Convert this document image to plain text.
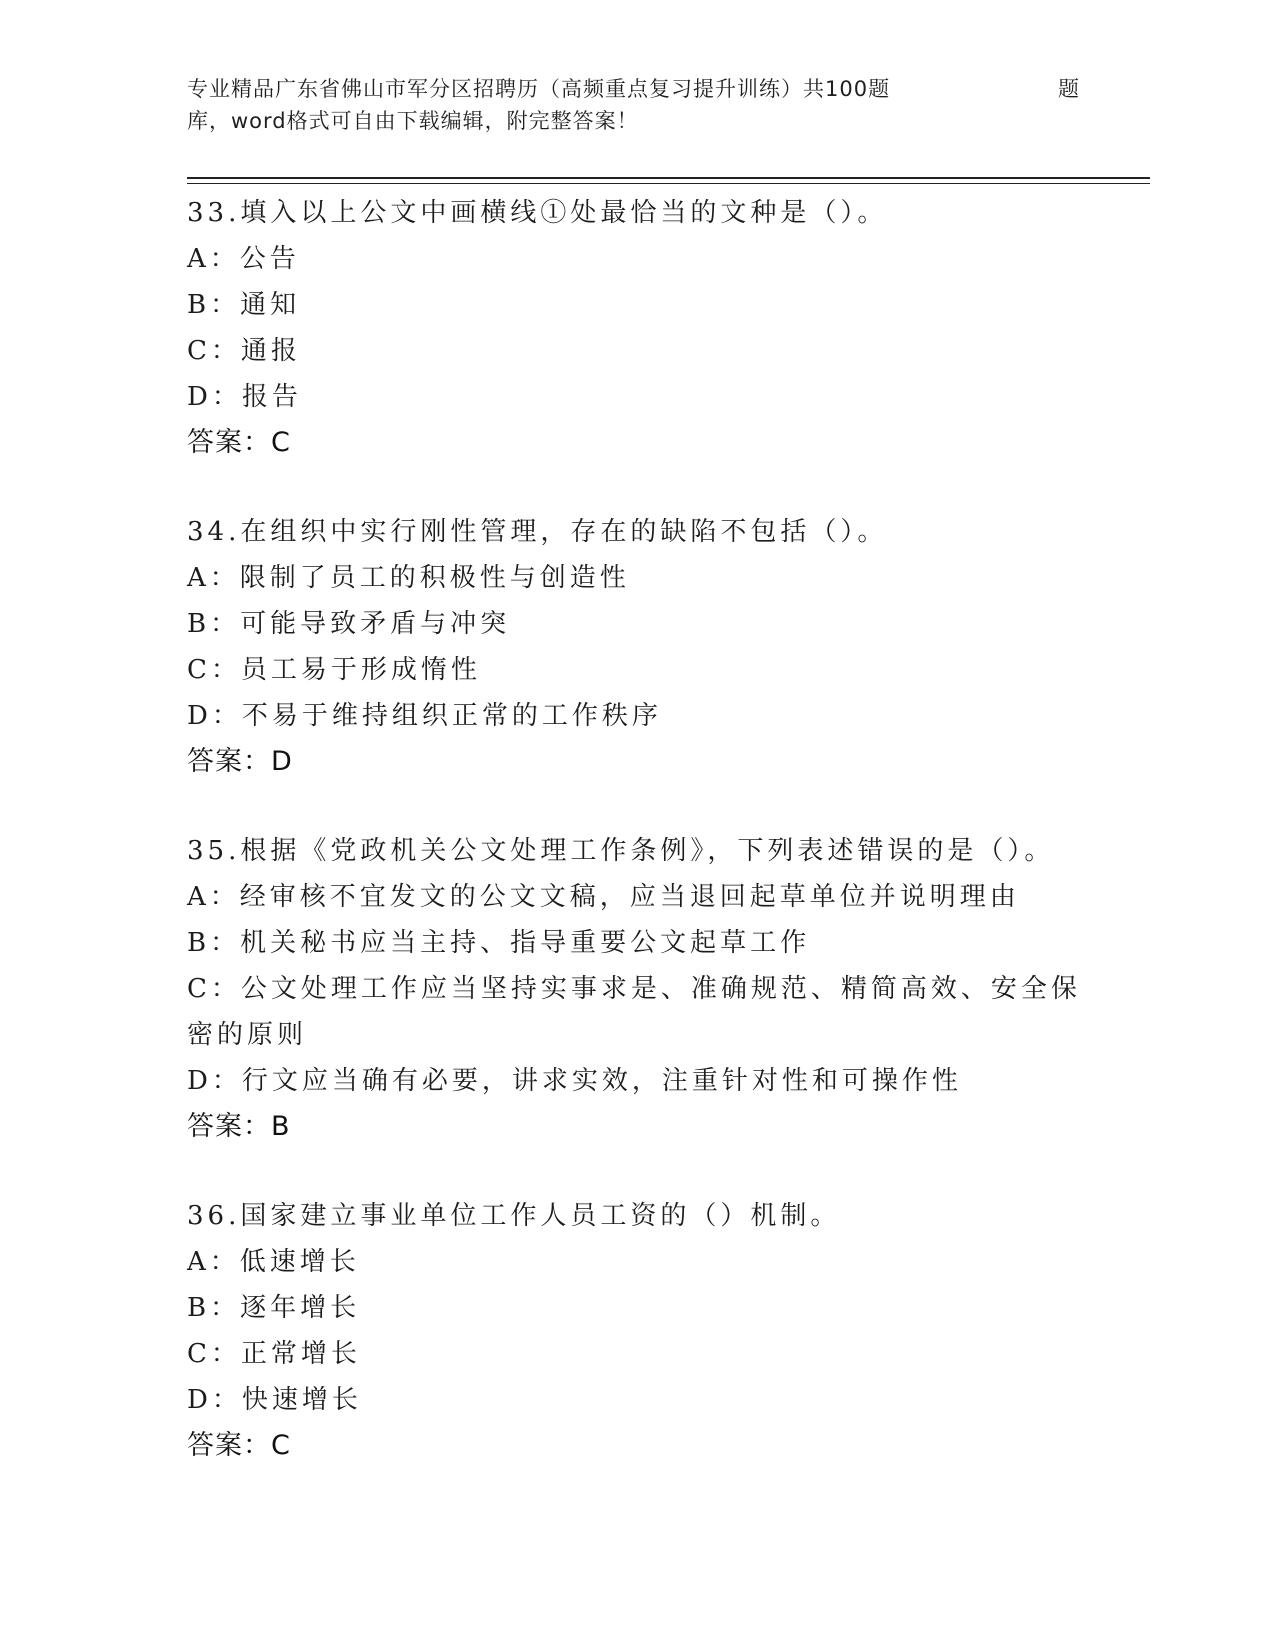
专业精品广东省佛山市军分区招聘历（高频重点复习提升训练）共100题	题
库，word格式可自由下载编辑，附完整答案！
33.填入以上公文中画横线①处最恰当的文种是（）。
A：公告
B：通知
C：通报
D：报告
答案：C
34.在组织中实行刚性管理，存在的缺陷不包括（）。
A：限制了员工的积极性与创造性
B：可能导致矛盾与冲突
C：员工易于形成惰性
D：不易于维持组织正常的工作秩序
答案：D
35.根据《党政机关公文处理工作条例》，下列表述错误的是（）。
A：经审核不宜发文的公文文稿，应当退回起草单位并说明理由
B：机关秘书应当主持、指导重要公文起草工作
C：公文处理工作应当坚持实事求是、准确规范、精简高效、安全保密的原则
D：行文应当确有必要，讲求实效，注重针对性和可操作性
答案：B
36.国家建立事业单位工作人员工资的（）机制。
A：低速增长
B：逐年增长
C：正常增长
D：快速增长
答案：C
